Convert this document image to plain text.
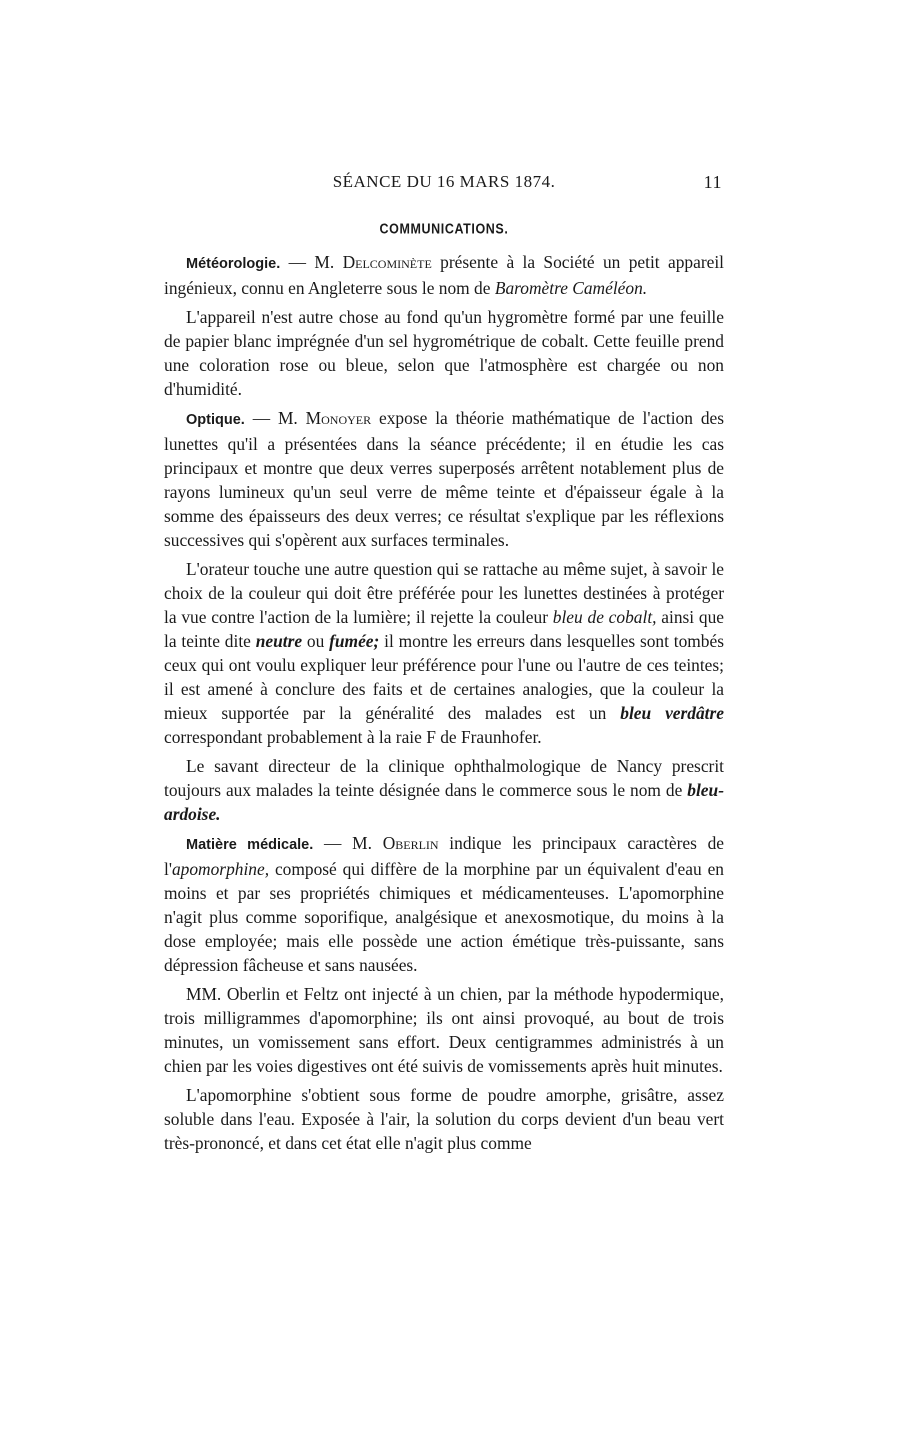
SÉANCE DU 16 MARS 1874.	11
COMMUNICATIONS.

Météorologie. — M. Delcominète présente à la Société un petit appareil ingénieux, connu en Angleterre sous le nom de Baromètre Caméléon.

L'appareil n'est autre chose au fond qu'un hygromètre formé par une feuille de papier blanc imprégnée d'un sel hygrométrique de cobalt. Cette feuille prend une coloration rose ou bleue, selon que l'atmosphère est chargée ou non d'humidité.

Optique. — M. Monoyer expose la théorie mathématique de l'action des lunettes qu'il a présentées dans la séance précédente; il en étudie les cas principaux et montre que deux verres superposés arrêtent notablement plus de rayons lumineux qu'un seul verre de même teinte et d'épaisseur égale à la somme des épaisseurs des deux verres; ce résultat s'explique par les réflexions successives qui s'opèrent aux surfaces terminales.

L'orateur touche une autre question qui se rattache au même sujet, à savoir le choix de la couleur qui doit être préférée pour les lunettes destinées à protéger la vue contre l'action de la lumière; il rejette la couleur bleu de cobalt, ainsi que la teinte dite neutre ou fumée; il montre les erreurs dans lesquelles sont tombés ceux qui ont voulu expliquer leur préférence pour l'une ou l'autre de ces teintes; il est amené à conclure des faits et de certaines analogies, que la couleur la mieux supportée par la généralité des malades est un bleu verdâtre correspondant probablement à la raie F de Fraunhofer.

Le savant directeur de la clinique ophthalmologique de Nancy prescrit toujours aux malades la teinte désignée dans le commerce sous le nom de bleu-ardoise.

Matière médicale. — M. Oberlin indique les principaux caractères de l'apomorphine, composé qui diffère de la morphine par un équivalent d'eau en moins et par ses propriétés chimiques et médicamenteuses. L'apomorphine n'agit plus comme soporifique, analgésique et anexosmotique, du moins à la dose employée; mais elle possède une action émétique très-puissante, sans dépression fâcheuse et sans nausées.

MM. Oberlin et Feltz ont injecté à un chien, par la méthode hypodermique, trois milligrammes d'apomorphine; ils ont ainsi provoqué, au bout de trois minutes, un vomissement sans effort. Deux centigrammes administrés à un chien par les voies digestives ont été suivis de vomissements après huit minutes.

L'apomorphine s'obtient sous forme de poudre amorphe, grisâtre, assez soluble dans l'eau. Exposée à l'air, la solution du corps devient d'un beau vert très-prononcé, et dans cet état elle n'agit plus comme
